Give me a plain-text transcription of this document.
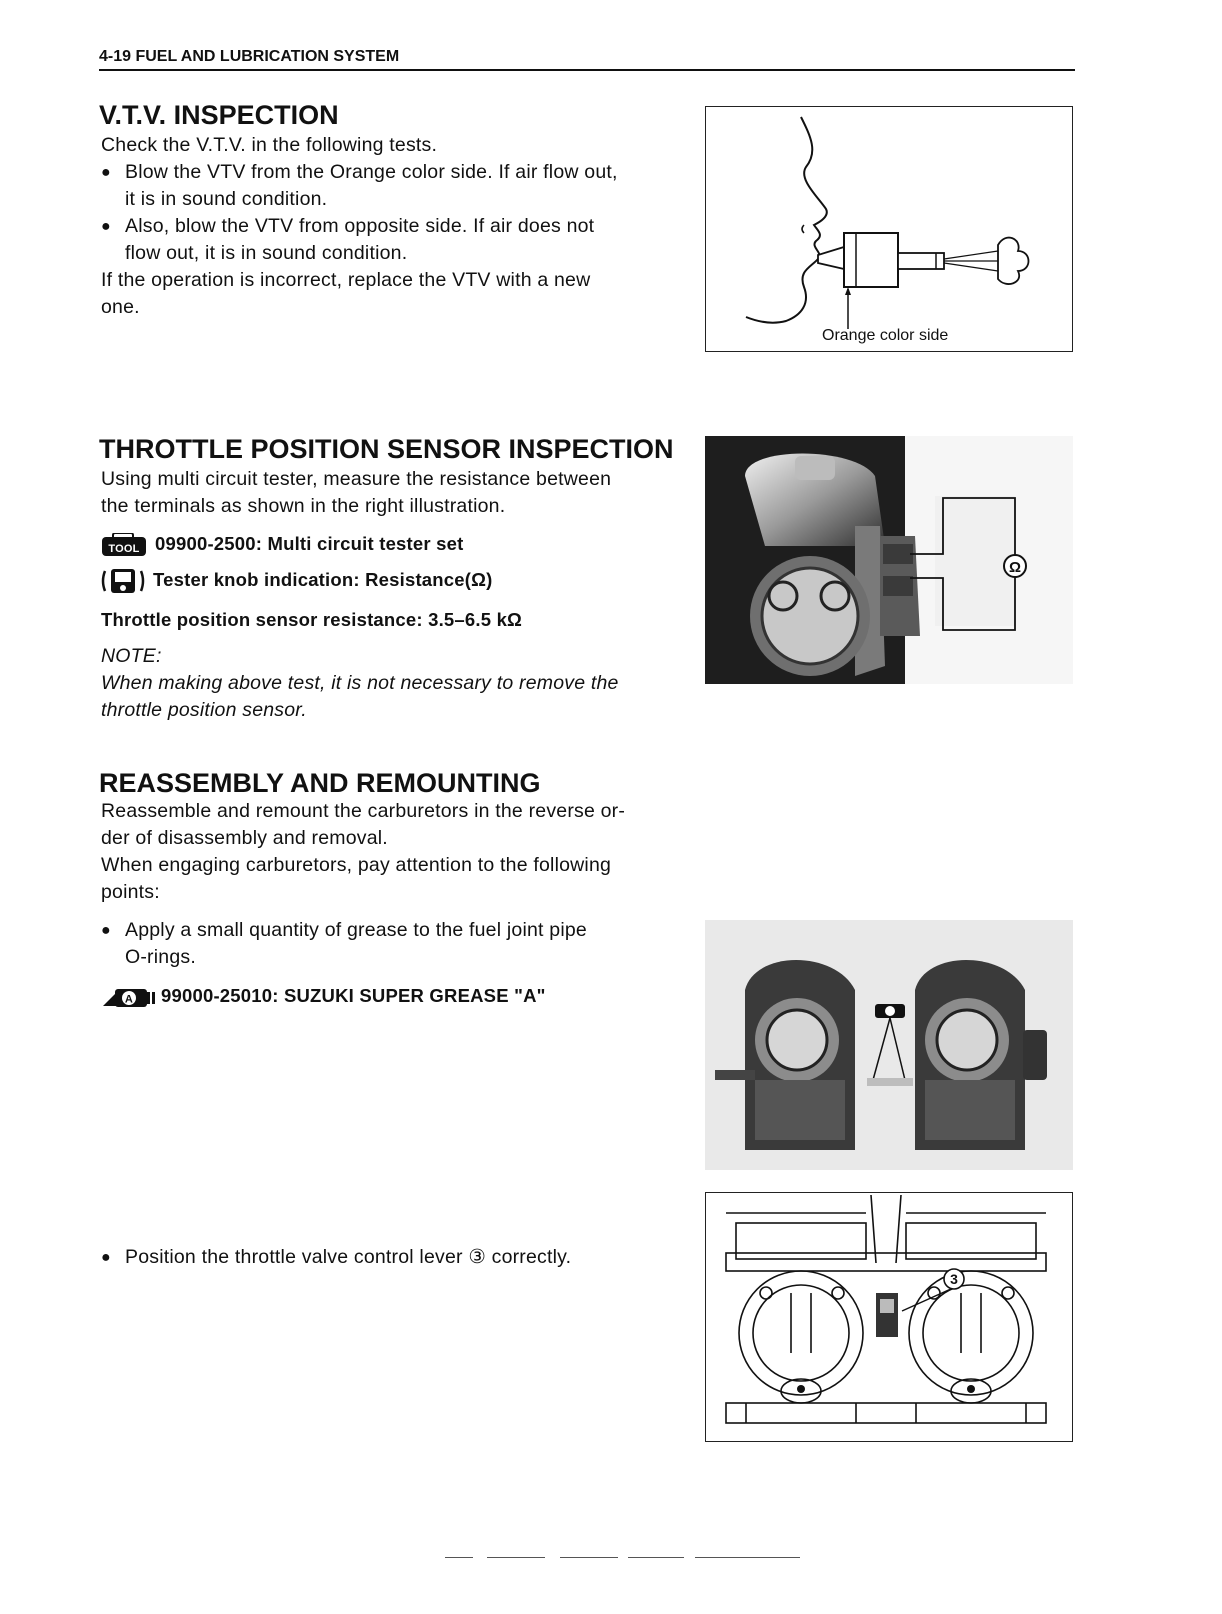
4-19 FUEL AND LUBRICATION SYSTEM
V.T.V. INSPECTION
Check the V.T.V. in the following tests.
● Blow the VTV from the Orange color side. If air flow out,
it is in sound condition.
● Also, blow the VTV from opposite side. If air does not
flow out, it is in sound condition.
If the operation is incorrect, replace the VTV with a new
one.
Orange color side
THROTTLE POSITION SENSOR INSPECTION
Using multi circuit tester, measure the resistance between
the terminals as shown in the right illustration.
TOOL 09900-2500: Multi circuit tester set
Tester knob indication: Resistance(Ω)
Throttle position sensor resistance: 3.5–6.5 kΩ
NOTE:
When making above test, it is not necessary to remove the
throttle position sensor.
Ω
REASSEMBLY AND REMOUNTING
Reassemble and remount the carburetors in the reverse or-
der of disassembly and removal.
When engaging carburetors, pay attention to the following
points:
● Apply a small quantity of grease to the fuel joint pipe
O-rings.
A 99000-25010: SUZUKI SUPER GREASE "A"
● Position the throttle valve control lever ③ correctly.
3
